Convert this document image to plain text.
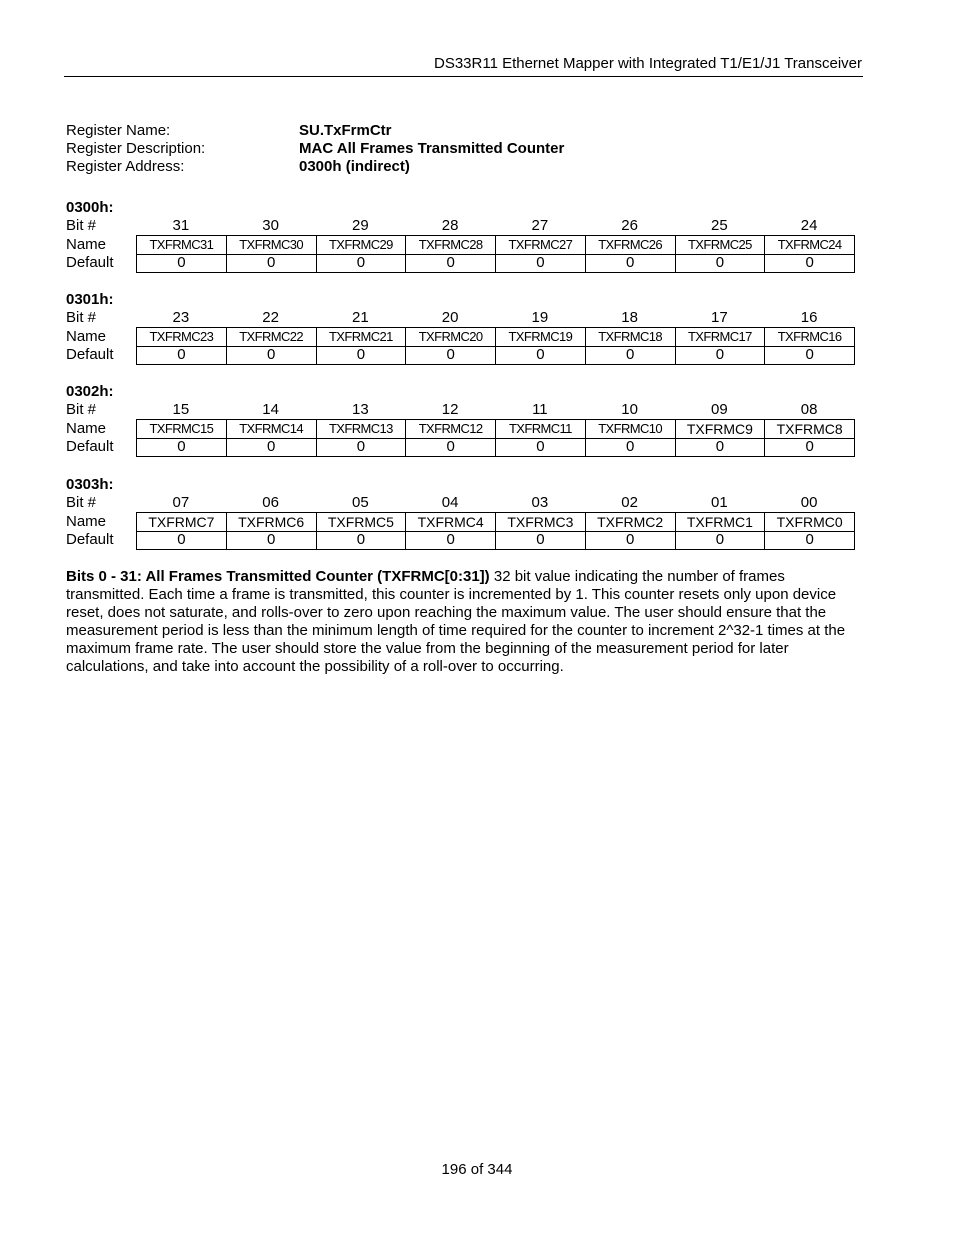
DS33R11 Ethernet Mapper with Integrated T1/E1/J1 Transceiver
Register Name:	SU.TxFrmCtr
Register Description:	MAC All Frames Transmitted Counter
Register Address:	0300h (indirect)
0300h:
Bit #	31	30	29	28	27	26	25	24
Name	TXFRMC31	TXFRMC30	TXFRMC29	TXFRMC28	TXFRMC27	TXFRMC26	TXFRMC25	TXFRMC24
Default	0	0	0	0	0	0	0	0
0301h:
Bit #	23	22	21	20	19	18	17	16
Name	TXFRMC23	TXFRMC22	TXFRMC21	TXFRMC20	TXFRMC19	TXFRMC18	TXFRMC17	TXFRMC16
Default	0	0	0	0	0	0	0	0
0302h:
Bit #	15	14	13	12	11	10	09	08
Name	TXFRMC15	TXFRMC14	TXFRMC13	TXFRMC12	TXFRMC11	TXFRMC10	TXFRMC9	TXFRMC8
Default	0	0	0	0	0	0	0	0
0303h:
Bit #	07	06	05	04	03	02	01	00
Name	TXFRMC7	TXFRMC6	TXFRMC5	TXFRMC4	TXFRMC3	TXFRMC2	TXFRMC1	TXFRMC0
Default	0	0	0	0	0	0	0	0
Bits 0 - 31: All Frames Transmitted Counter (TXFRMC[0:31]) 32 bit value indicating the number of frames transmitted. Each time a frame is transmitted, this counter is incremented by 1. This counter resets only upon device reset, does not saturate, and rolls-over to zero upon reaching the maximum value. The user should ensure that the measurement period is less than the minimum length of time required for the counter to increment 2^32-1 times at the maximum frame rate. The user should store the value from the beginning of the measurement period for later calculations, and take into account the possibility of a roll-over to occurring.
196 of 344
